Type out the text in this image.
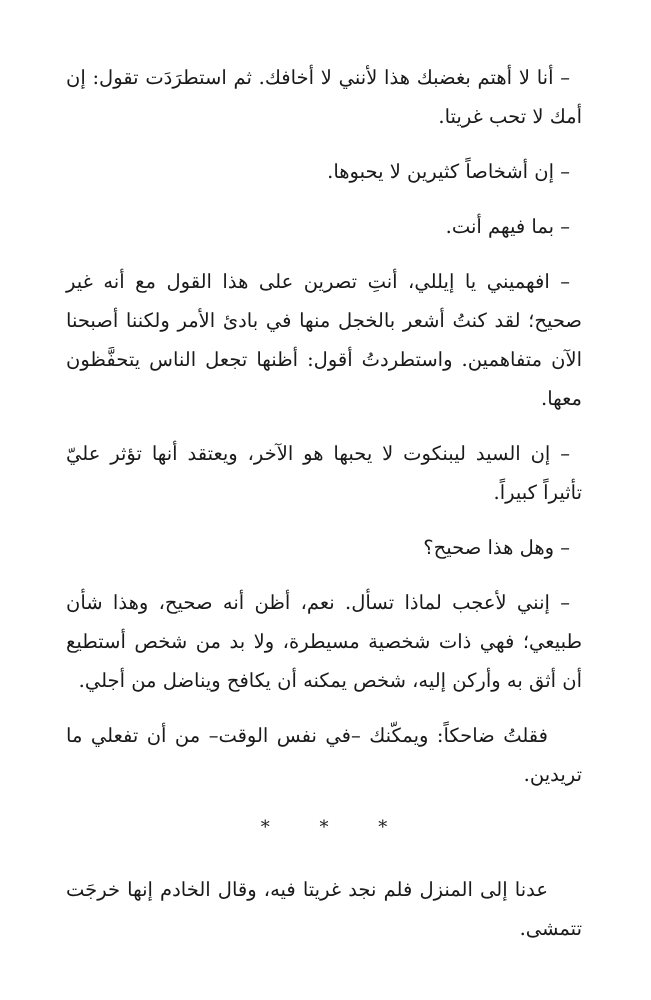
– أنا لا أهتم بغضبك هذا لأنني لا أخافك. ثم استطرَدَت تقول: إن أمك لا تحب غريتا.

– إن أشخاصاً كثيرين لا يحبوها.

– بما فيهم أنت.

– افهميني يا إيللي، أنتِ تصرين على هذا القول مع أنه غير صحيح؛ لقد كنتُ أشعر بالخجل منها في بادئ الأمر ولكننا أصبحنا الآن متفاهمين. واستطردتُ أقول: أظنها تجعل الناس يتحفَّظون معها.

– إن السيد ليبنكوت لا يحبها هو الآخر، ويعتقد أنها تؤثر عليّ تأثيراً كبيراً.

– وهل هذا صحيح؟

– إنني لأعجب لماذا تسأل. نعم، أظن أنه صحيح، وهذا شأن طبيعي؛ فهي ذات شخصية مسيطرة، ولا بد من شخص أستطيع أن أثق به وأركن إليه، شخص يمكنه أن يكافح ويناضل من أجلي.

فقلتُ ضاحكاً: ويمكّنك –في نفس الوقت– من أن تفعلي ما تريدين.

* * *

عدنا إلى المنزل فلم نجد غريتا فيه، وقال الخادم إنها خرجَت تتمشى.
